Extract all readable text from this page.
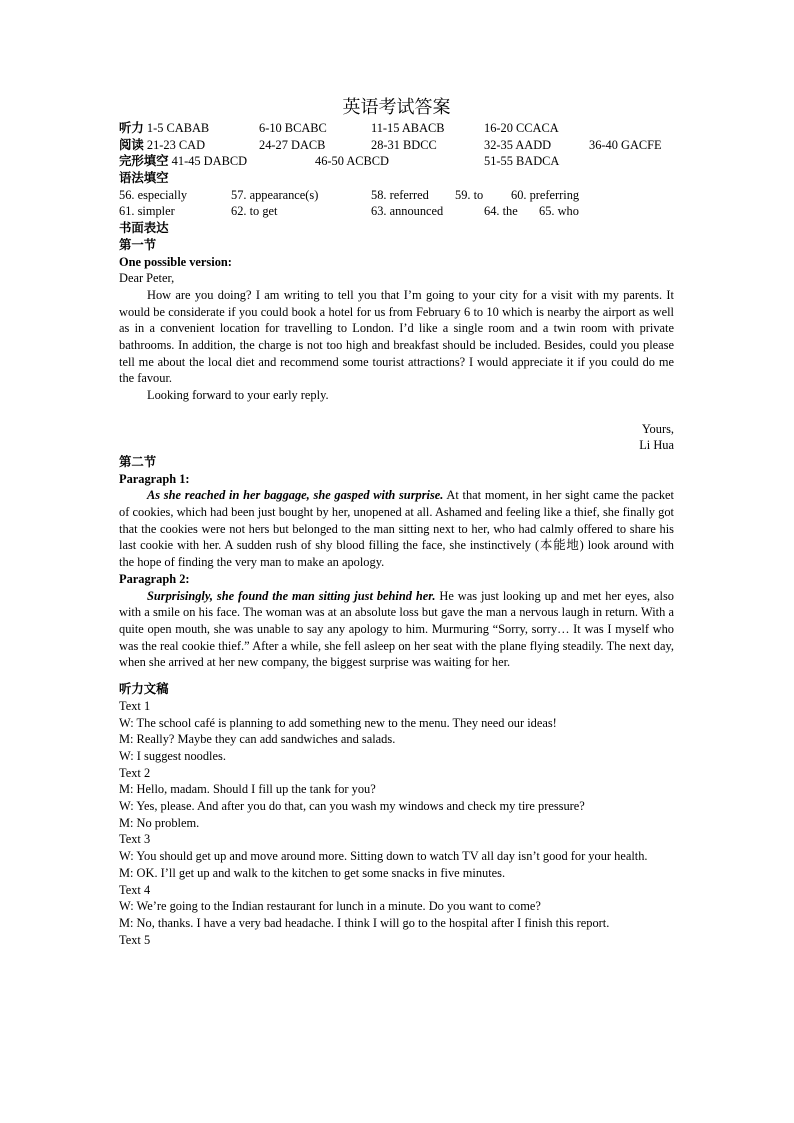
英语考试答案
听力 1-5 CABAB	6-10 BCABC	11-15 ABACB	16-20 CCACA
阅读 21-23 CAD	24-27 DACB	28-31 BDCC	32-35 AADD	36-40 GACFE
完形填空 41-45 DABCD	46-50 ACBCD	51-55 BADCA
语法填空
56. especially	57. appearance(s)	58. referred 59. to 60. preferring
61. simpler	62. to get	63. announced	64. the 65. who
书面表达
第一节
One possible version:

Dear Peter,

How are you doing? I am writing to tell you that I’m going to your city for a visit with my parents. It would be considerate if you could book a hotel for us from February 6 to 10 which is nearby the airport as well as in a convenient location for travelling to London. I’d like a single room and a twin room with private bathrooms. In addition, the charge is not too high and breakfast should be included. Besides, could you please tell me about the local diet and recommend some tourist attractions? I would appreciate it if you could do me the favour.

Looking forward to your early reply.

Yours,

Li Hua

第二节
Paragraph 1:

As she reached in her baggage, she gasped with surprise. At that moment, in her sight came the packet of cookies, which had been just bought by her, unopened at all. Ashamed and feeling like a thief, she finally got that the cookies were not hers but belonged to the man sitting next to her, who had calmly offered to share his last cookie with her. A sudden rush of shy blood filling the face, she instinctively (本能地) look around with the hope of finding the very man to make an apology.

Paragraph 2:

Surprisingly, she found the man sitting just behind her. He was just looking up and met her eyes, also with a smile on his face. The woman was at an absolute loss but gave the man a nervous laugh in return. With a quite open mouth, she was unable to say any apology to him. Murmuring “Sorry, sorry… It was I myself who was the real cookie thief.” After a while, she fell asleep on her seat with the plane flying steadily. The next day, when she arrived at her new company, the biggest surprise was waiting for her.

听力文稿

Text 1

W: The school café is planning to add something new to the menu. They need our ideas!

M: Really? Maybe they can add sandwiches and salads.

W: I suggest noodles.

Text 2

M: Hello, madam. Should I fill up the tank for you?

W: Yes, please. And after you do that, can you wash my windows and check my tire pressure?

M: No problem.

Text 3

W: You should get up and move around more. Sitting down to watch TV all day isn’t good for your health.

M: OK. I’ll get up and walk to the kitchen to get some snacks in five minutes.

Text 4

W: We’re going to the Indian restaurant for lunch in a minute. Do you want to come?

M: No, thanks. I have a very bad headache. I think I will go to the hospital after I finish this report.

Text 5
